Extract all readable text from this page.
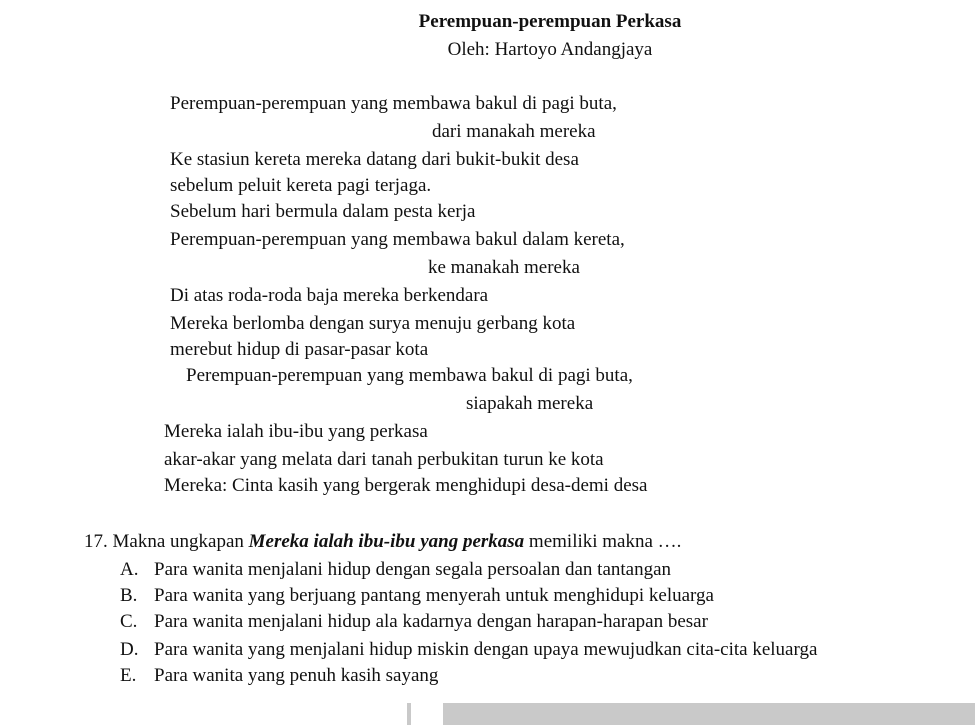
Perempuan-perempuan Perkasa
Oleh: Hartoyo Andangjaya
Perempuan-perempuan yang membawa bakul di pagi buta,
dari manakah mereka
Ke stasiun kereta mereka datang dari bukit-bukit desa
sebelum peluit kereta pagi terjaga.
Sebelum hari bermula dalam pesta kerja
Perempuan-perempuan yang membawa bakul dalam kereta,
ke manakah mereka
Di atas roda-roda baja mereka berkendara
Mereka berlomba dengan surya menuju gerbang kota
merebut hidup di pasar-pasar kota
Perempuan-perempuan yang membawa bakul di pagi buta,
siapakah mereka
Mereka ialah ibu-ibu yang perkasa
akar-akar yang melata dari tanah perbukitan turun ke kota
Mereka: Cinta kasih yang bergerak menghidupi desa-demi desa
17. Makna ungkapan Mereka ialah ibu-ibu yang perkasa memiliki makna ….
A. Para wanita menjalani hidup dengan segala persoalan dan tantangan
B. Para wanita yang berjuang pantang menyerah untuk menghidupi keluarga
C. Para wanita menjalani hidup ala kadarnya dengan harapan-harapan besar
D. Para wanita yang menjalani hidup miskin dengan upaya mewujudkan cita-cita keluarga
E. Para wanita yang penuh kasih sayang
